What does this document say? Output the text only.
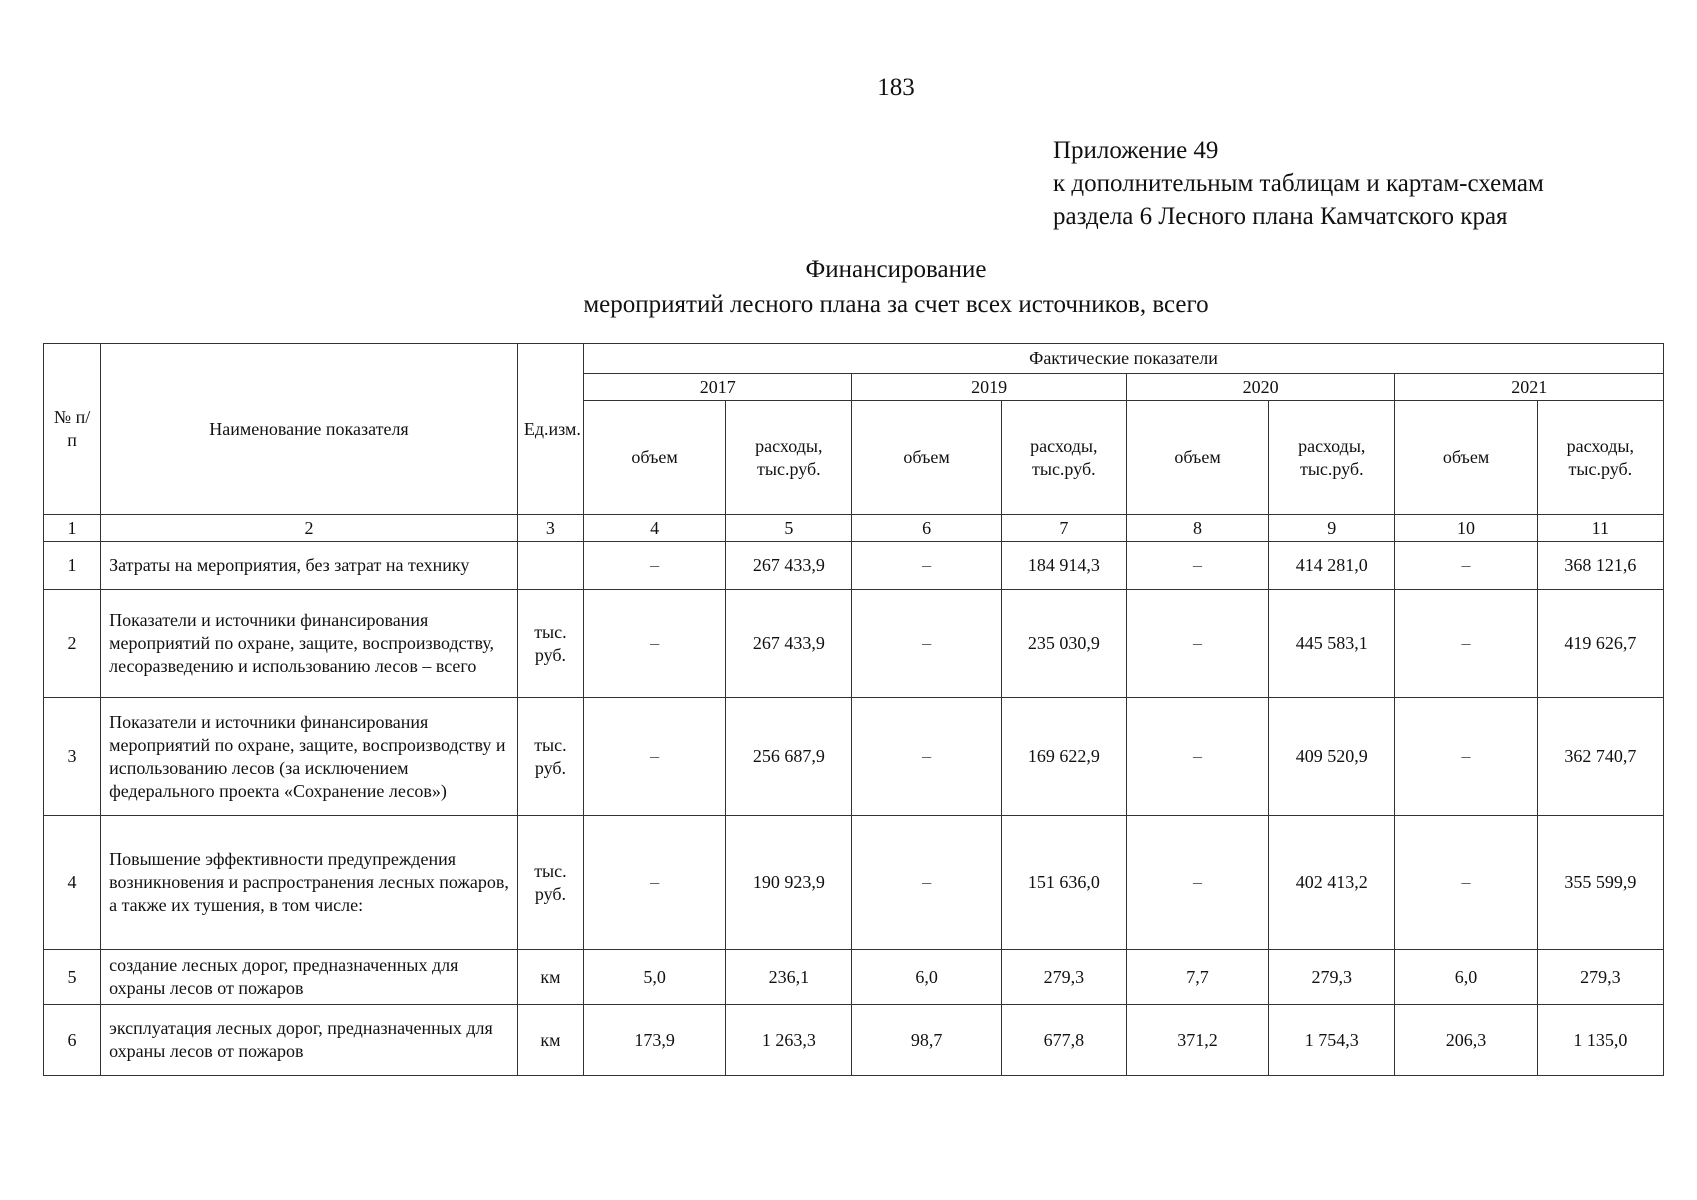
183
Приложение 49
к дополнительным таблицам и картам-схемам
раздела 6 Лесного плана Камчатского края
Финансирование
мероприятий лесного плана за счет всех источников, всего
№ п/п	Наименование показателя	Ед.изм.	Фактические показатели							
			2017		2019		2020		2021	
			объем	расходы, тыс.руб.	объем	расходы, тыс.руб.	объем	расходы, тыс.руб.	объем	расходы, тыс.руб.
1	2	3	4	5	6	7	8	9	10	11
1	Затраты на мероприятия, без затрат на технику		–	267 433,9	–	184 914,3	–	414 281,0	–	368 121,6
2	Показатели и источники финансирования мероприятий по охране, защите, воспроизводству, лесоразведению и использованию лесов – всего	тыс. руб.	–	267 433,9	–	235 030,9	–	445 583,1	–	419 626,7
3	Показатели и источники финансирования мероприятий по охране, защите, воспроизводству и использованию лесов (за исключением федерального проекта «Сохранение лесов»)	тыс. руб.	–	256 687,9	–	169 622,9	–	409 520,9	–	362 740,7
4	Повышение эффективности предупреждения возникновения и распространения лесных пожаров, а также их тушения, в том числе:	тыс. руб.	–	190 923,9	–	151 636,0	–	402 413,2	–	355 599,9
5	создание лесных дорог, предназначенных для охраны лесов от пожаров	км	5,0	236,1	6,0	279,3	7,7	279,3	6,0	279,3
6	эксплуатация лесных дорог, предназначенных для охраны лесов от пожаров	км	173,9	1 263,3	98,7	677,8	371,2	1 754,3	206,3	1 135,0
